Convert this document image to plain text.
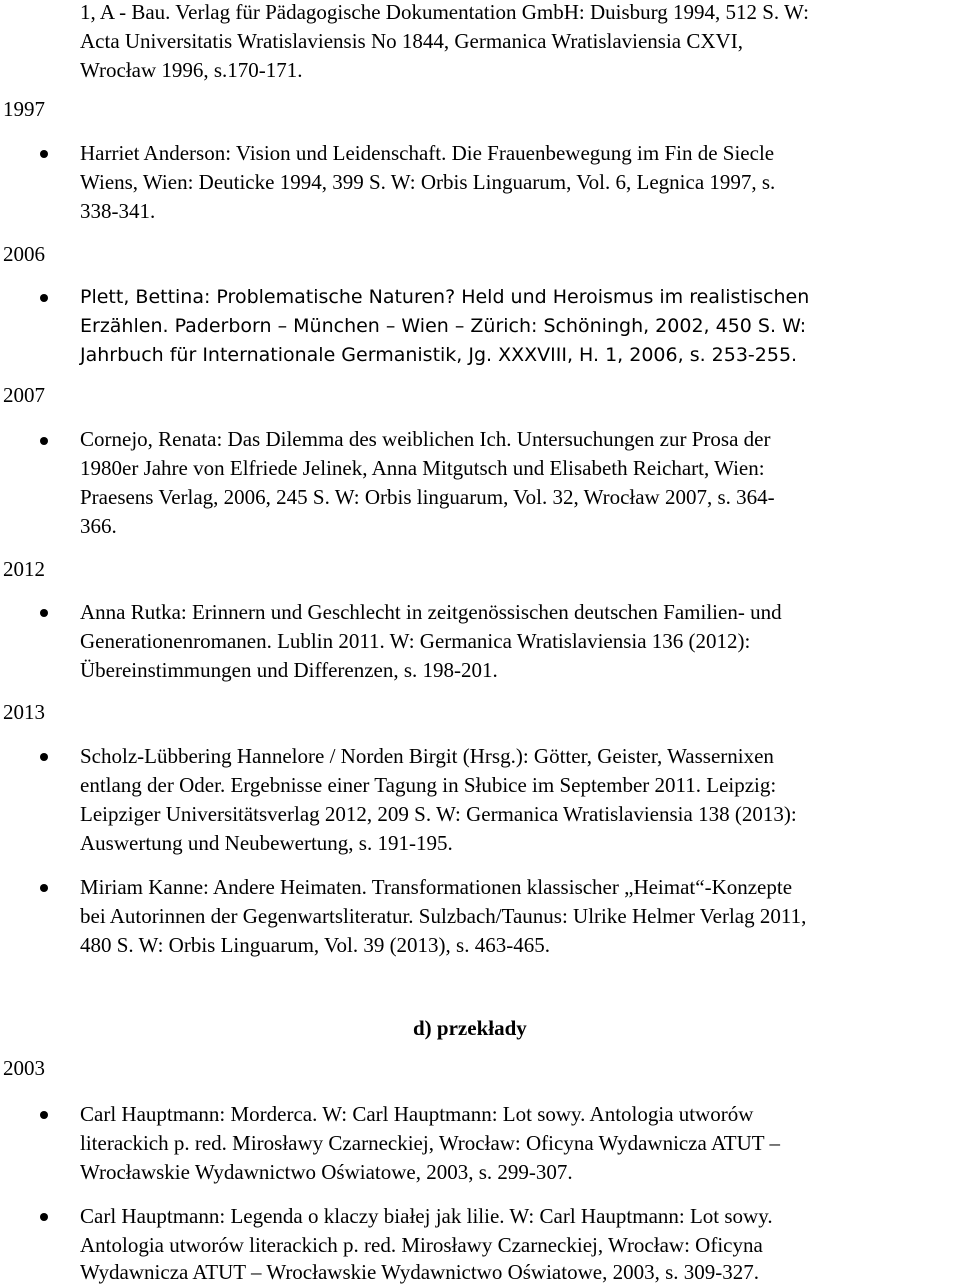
1, A - Bau. Verlag für Pädagogische Dokumentation GmbH: Duisburg 1994, 512 S. W:
Acta Universitatis Wratislaviensis No 1844, Germanica Wratislaviensia CXVI,
Wrocław 1996, s.170-171.
1997
2006
2007
2012
2013
2003
Harriet Anderson: Vision und Leidenschaft. Die Frauenbewegung im Fin de Siecle
Wiens, Wien: Deuticke 1994, 399 S. W: Orbis Linguarum, Vol. 6, Legnica 1997, s.
338-341.
Plett, Bettina: Problematische Naturen? Held und Heroismus im realistischen
Erzählen. Paderborn – München – Wien – Zürich: Schöningh, 2002, 450 S. W:
Jahrbuch für Internationale Germanistik, Jg. XXXVIII, H. 1, 2006, s. 253-255.
Cornejo, Renata: Das Dilemma des weiblichen Ich. Untersuchungen zur Prosa der
1980er Jahre von Elfriede Jelinek, Anna Mitgutsch und Elisabeth Reichart, Wien:
Praesens Verlag, 2006, 245 S. W: Orbis linguarum, Vol. 32, Wrocław 2007, s. 364-
366.
Anna Rutka: Erinnern und Geschlecht in zeitgenössischen deutschen Familien- und
Generationenromanen. Lublin 2011. W: Germanica Wratislaviensia 136 (2012):
Übereinstimmungen und Differenzen, s. 198-201.
Scholz-Lübbering Hannelore / Norden Birgit (Hrsg.): Götter, Geister, Wassernixen
entlang der Oder. Ergebnisse einer Tagung in Słubice im September 2011. Leipzig:
Leipziger Universitätsverlag 2012, 209 S. W: Germanica Wratislaviensia 138 (2013):
Auswertung und Neubewertung, s. 191-195.
Miriam Kanne: Andere Heimaten. Transformationen klassischer „Heimat“-Konzepte
bei Autorinnen der Gegenwartsliteratur. Sulzbach/Taunus: Ulrike Helmer Verlag 2011,
480 S. W: Orbis Linguarum, Vol. 39 (2013), s. 463-465.
d) przekłady
Carl Hauptmann: Morderca. W: Carl Hauptmann: Lot sowy. Antologia utworów
literackich p. red. Mirosławy Czarneckiej, Wrocław: Oficyna Wydawnicza ATUT –
Wrocławskie Wydawnictwo Oświatowe, 2003, s. 299-307.
Carl Hauptmann: Legenda o klaczy białej jak lilie. W: Carl Hauptmann: Lot sowy.
Antologia utworów literackich p. red. Mirosławy Czarneckiej, Wrocław: Oficyna
Wydawnicza ATUT – Wrocławskie Wydawnictwo Oświatowe, 2003, s. 309-327.
